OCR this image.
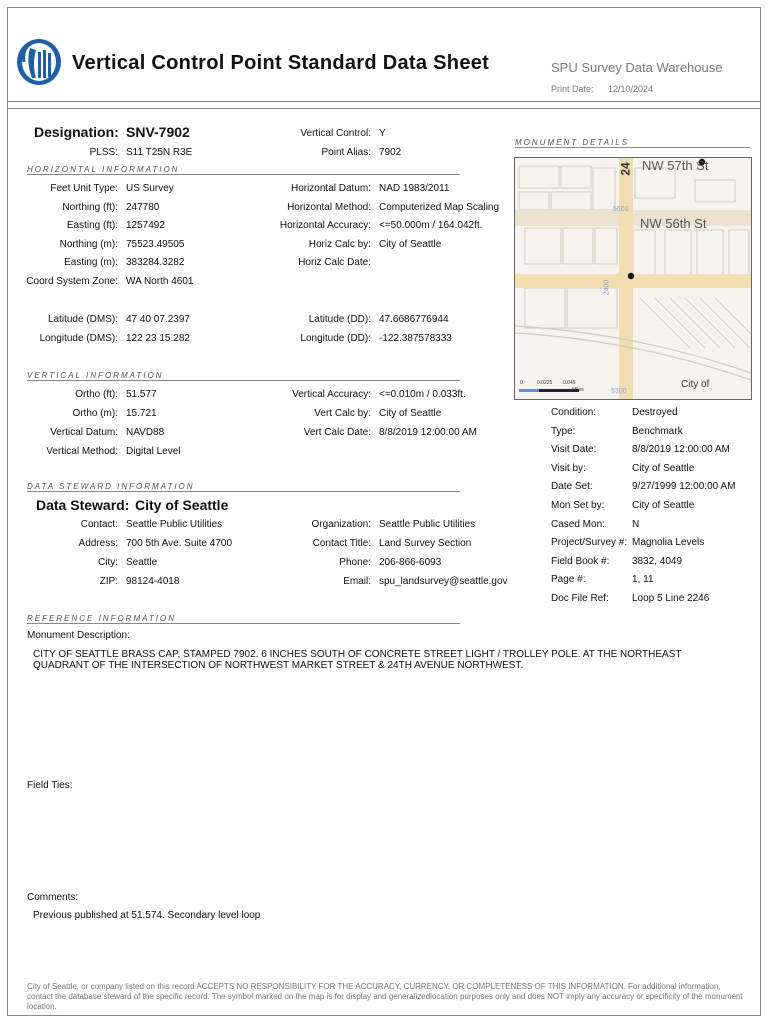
Vertical Control Point Standard Data Sheet	SPU Survey Data Warehouse
Print Date: 12/10/2024
Designation: SNV-7902
PLSS: S11 T25N R3E
Vertical Control: Y
Point Alias: 7902
HORIZONTAL INFORMATION
Feet Unit Type: US Survey
Northing (ft): 247780
Easting (ft): 1257492
Northing (m): 75523.49505
Easting (m): 383284.3282
Coord System Zone: WA North 4601
Horizontal Datum: NAD 1983/2011
Horizontal Method: Computerized Map Scaling
Horizontal Accuracy: <=50.000m / 164.042ft.
Horiz Calc by: City of Seattle
Horiz Calc Date:
Latitude (DMS): 47 40 07.2397
Longitude (DMS): 122 23 15.282
Latitude (DD): 47.6686776944
Longitude (DD): -122.387578333
VERTICAL INFORMATION
Ortho (ft): 51.577
Ortho (m): 15.721
Vertical Datum: NAVD88
Vertical Method: Digital Level
Vertical Accuracy: <=0.010m / 0.033ft.
Vert Calc by: City of Seattle
Vert Calc Date: 8/8/2019 12:00:00 AM
DATA STEWARD INFORMATION
Data Steward: City of Seattle
Contact: Seattle Public Utilities
Address: 700 5th Ave. Suite 4700
City: Seattle
ZIP: 98124-4018
Organization: Seattle Public Utilities
Contact Title: Land Survey Section
Phone: 206-866-6093
Email: spu_landsurvey@seattle.gov
MONUMENT DETAILS
NW 57th St
NW 56th St
24
5600
2400
5300
City of
0	0.0225 0.045
Miles
Condition:	Destroyed
Type:	Benchmark
Visit Date:	8/8/2019 12:00:00 AM
Visit by:	City of Seattle
Date Set:	9/27/1999 12:00:00 AM
Mon Set by:	City of Seattle
Cased Mon:	N
Project/Survey #: Magnolia Levels
Field Book #: 3832, 4049
Page #:	1, 11
Doc File Ref: Loop 5 Line 2246
REFERENCE INFORMATION
Monument Description:
CITY OF SEATTLE BRASS CAP, STAMPED 7902. 6 INCHES SOUTH OF CONCRETE STREET LIGHT / TROLLEY POLE. AT THE NORTHEAST QUADRANT OF THE INTERSECTION OF NORTHWEST MARKET STREET & 24TH AVENUE NORTHWEST.
Field Ties:
Comments:
Previous published at 51.574. Secondary level loop
City of Seattle, or company listed on this record ACCEPTS NO RESPONSIBILITY FOR THE ACCURACY, CURRENCY, OR COMPLETENESS OF THIS INFORMATION. For additional information, contact the database steward of the specific record. The symbol marked on the map is for display and generalizedlocation purposes only and does NOT imply any accuracy or specificity of the monument location.
